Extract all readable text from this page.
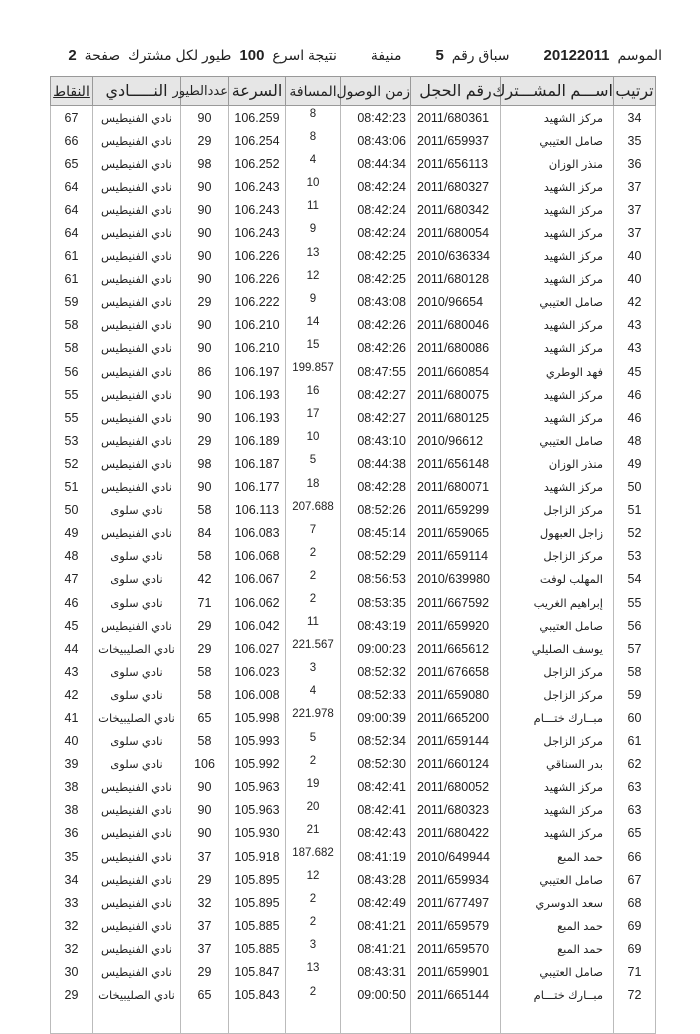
الموسم
20122011
سباق رقم
5
منيفة
نتيجة اسرع
100
طيور لكل مشترك
صفحة
2
ترتيب	اســـم المشـــترك	رقم الحجل	زمن الوصول	المسافة	السرعة	عددالطيور	النـــــادي	النقاط
34	مركز الشهيد	2011/680361	08:42:23	8	106.259	90	نادي الفنيطيس	67
35	صامل العتيبي	2011/659937	08:43:06	8	106.254	29	نادي الفنيطيس	66
36	منذر الوزان	2011/656113	08:44:34	4	106.252	98	نادي الفنيطيس	65
37	مركز الشهيد	2011/680327	08:42:24	10	106.243	90	نادي الفنيطيس	64
37	مركز الشهيد	2011/680342	08:42:24	11	106.243	90	نادي الفنيطيس	64
37	مركز الشهيد	2011/680054	08:42:24	9	106.243	90	نادي الفنيطيس	64
40	مركز الشهيد	2010/636334	08:42:25	13	106.226	90	نادي الفنيطيس	61
40	مركز الشهيد	2011/680128	08:42:25	12	106.226	90	نادي الفنيطيس	61
42	صامل العتيبي	2010/96654	08:43:08	9	106.222	29	نادي الفنيطيس	59
43	مركز الشهيد	2011/680046	08:42:26	14	106.210	90	نادي الفنيطيس	58
43	مركز الشهيد	2011/680086	08:42:26	15	106.210	90	نادي الفنيطيس	58
45	فهد الوطري	2011/660854	08:47:55	199.857	106.197	86	نادي الفنيطيس	56
46	مركز الشهيد	2011/680075	08:42:27	16	106.193	90	نادي الفنيطيس	55
46	مركز الشهيد	2011/680125	08:42:27	17	106.193	90	نادي الفنيطيس	55
48	صامل العتيبي	2010/96612	08:43:10	10	106.189	29	نادي الفنيطيس	53
49	منذر الوزان	2011/656148	08:44:38	5	106.187	98	نادي الفنيطيس	52
50	مركز الشهيد	2011/680071	08:42:28	18	106.177	90	نادي الفنيطيس	51
51	مركز الزاجل	2011/659299	08:52:26	207.688	106.113	58	نادي سلوى	50
52	زاجل العبهول	2011/659065	08:45:14	7	106.083	84	نادي الفنيطيس	49
53	مركز الزاجل	2011/659114	08:52:29	2	106.068	58	نادي سلوى	48
54	المهلب لوفت	2010/639980	08:56:53	2	106.067	42	نادي سلوى	47
55	إبراهيم الغريب	2011/667592	08:53:35	2	106.062	71	نادي سلوى	46
56	صامل العتيبي	2011/659920	08:43:19	11	106.042	29	نادي الفنيطيس	45
57	يوسف الصليلي	2011/665612	09:00:23	221.567	106.027	29	نادي الصليبيخات	44
58	مركز الزاجل	2011/676658	08:52:32	3	106.023	58	نادي سلوى	43
59	مركز الزاجل	2011/659080	08:52:33	4	106.008	58	نادي سلوى	42
60	مبــارك ختـــام	2011/665200	09:00:39	221.978	105.998	65	نادي الصليبيخات	41
61	مركز الزاجل	2011/659144	08:52:34	5	105.993	58	نادي سلوى	40
62	بدر السناقي	2011/660124	08:52:30	2	105.992	106	نادي سلوى	39
63	مركز الشهيد	2011/680052	08:42:41	19	105.963	90	نادي الفنيطيس	38
63	مركز الشهيد	2011/680323	08:42:41	20	105.963	90	نادي الفنيطيس	38
65	مركز الشهيد	2011/680422	08:42:43	21	105.930	90	نادي الفنيطيس	36
66	حمد المبع	2010/649944	08:41:19	187.682	105.918	37	نادي الفنيطيس	35
67	صامل العتيبي	2011/659934	08:43:28	12	105.895	29	نادي الفنيطيس	34
68	سعد الدوسري	2011/677497	08:42:49	2	105.895	32	نادي الفنيطيس	33
69	حمد المبع	2011/659579	08:41:21	2	105.885	37	نادي الفنيطيس	32
69	حمد المبع	2011/659570	08:41:21	3	105.885	37	نادي الفنيطيس	32
71	صامل العتيبي	2011/659901	08:43:31	13	105.847	29	نادي الفنيطيس	30
72	مبــارك ختـــام	2011/665144	09:00:50	2	105.843	65	نادي الصليبيخات	29
